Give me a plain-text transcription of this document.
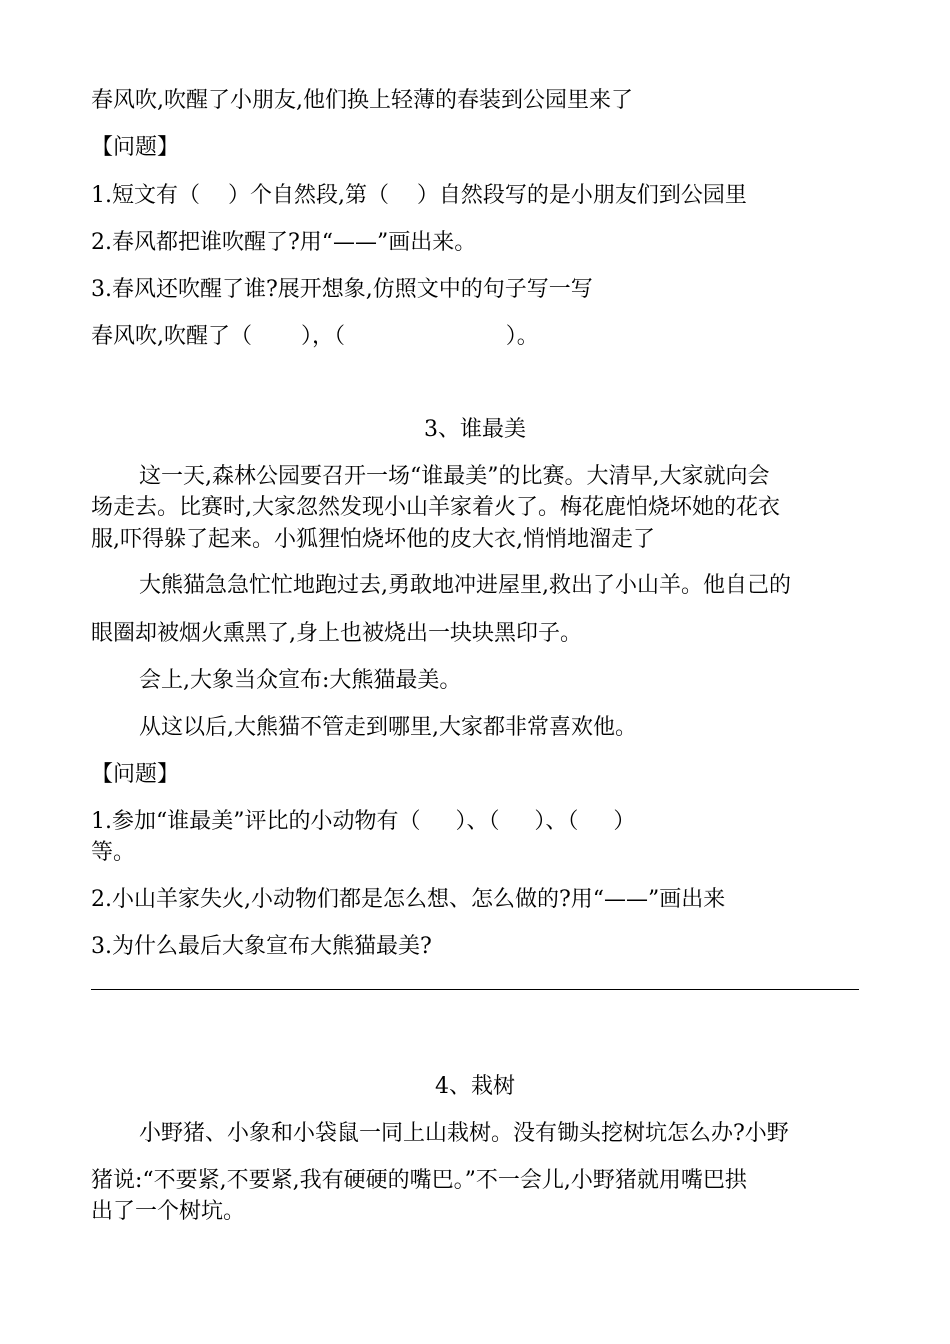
春风吹,吹醒了小朋友,他们换上轻薄的春装到公园里来了

【问题】

1.短文有（    ）个自然段,第（    ）自然段写的是小朋友们到公园里

2.春风都把谁吹醒了?用“——”画出来。

3.春风还吹醒了谁?展开想象,仿照文中的句子写一写

春风吹,吹醒了（       ），（                       ）。

3、谁最美

这一天,森林公园要召开一场“谁最美”的比赛。大清早,大家就向会

场走去。比赛时,大家忽然发现小山羊家着火了。梅花鹿怕烧坏她的花衣

服,吓得躲了起来。小狐狸怕烧坏他的皮大衣,悄悄地溜走了

大熊猫急急忙忙地跑过去,勇敢地冲进屋里,救出了小山羊。他自己的

眼圈却被烟火熏黑了,身上也被烧出一块块黑印子。

会上,大象当众宣布:大熊猫最美。

从这以后,大熊猫不管走到哪里,大家都非常喜欢他。

【问题】

1.参加“谁最美”评比的小动物有（     ）、（     ）、（     ）

等。

2.小山羊家失火,小动物们都是怎么想、怎么做的?用“——”画出来

3.为什么最后大象宣布大熊猫最美?

4、栽树

小野猪、小象和小袋鼠一同上山栽树。没有锄头挖树坑怎么办?小野

猪说:“不要紧,不要紧,我有硬硬的嘴巴。”不一会儿,小野猪就用嘴巴拱

出了一个树坑。
